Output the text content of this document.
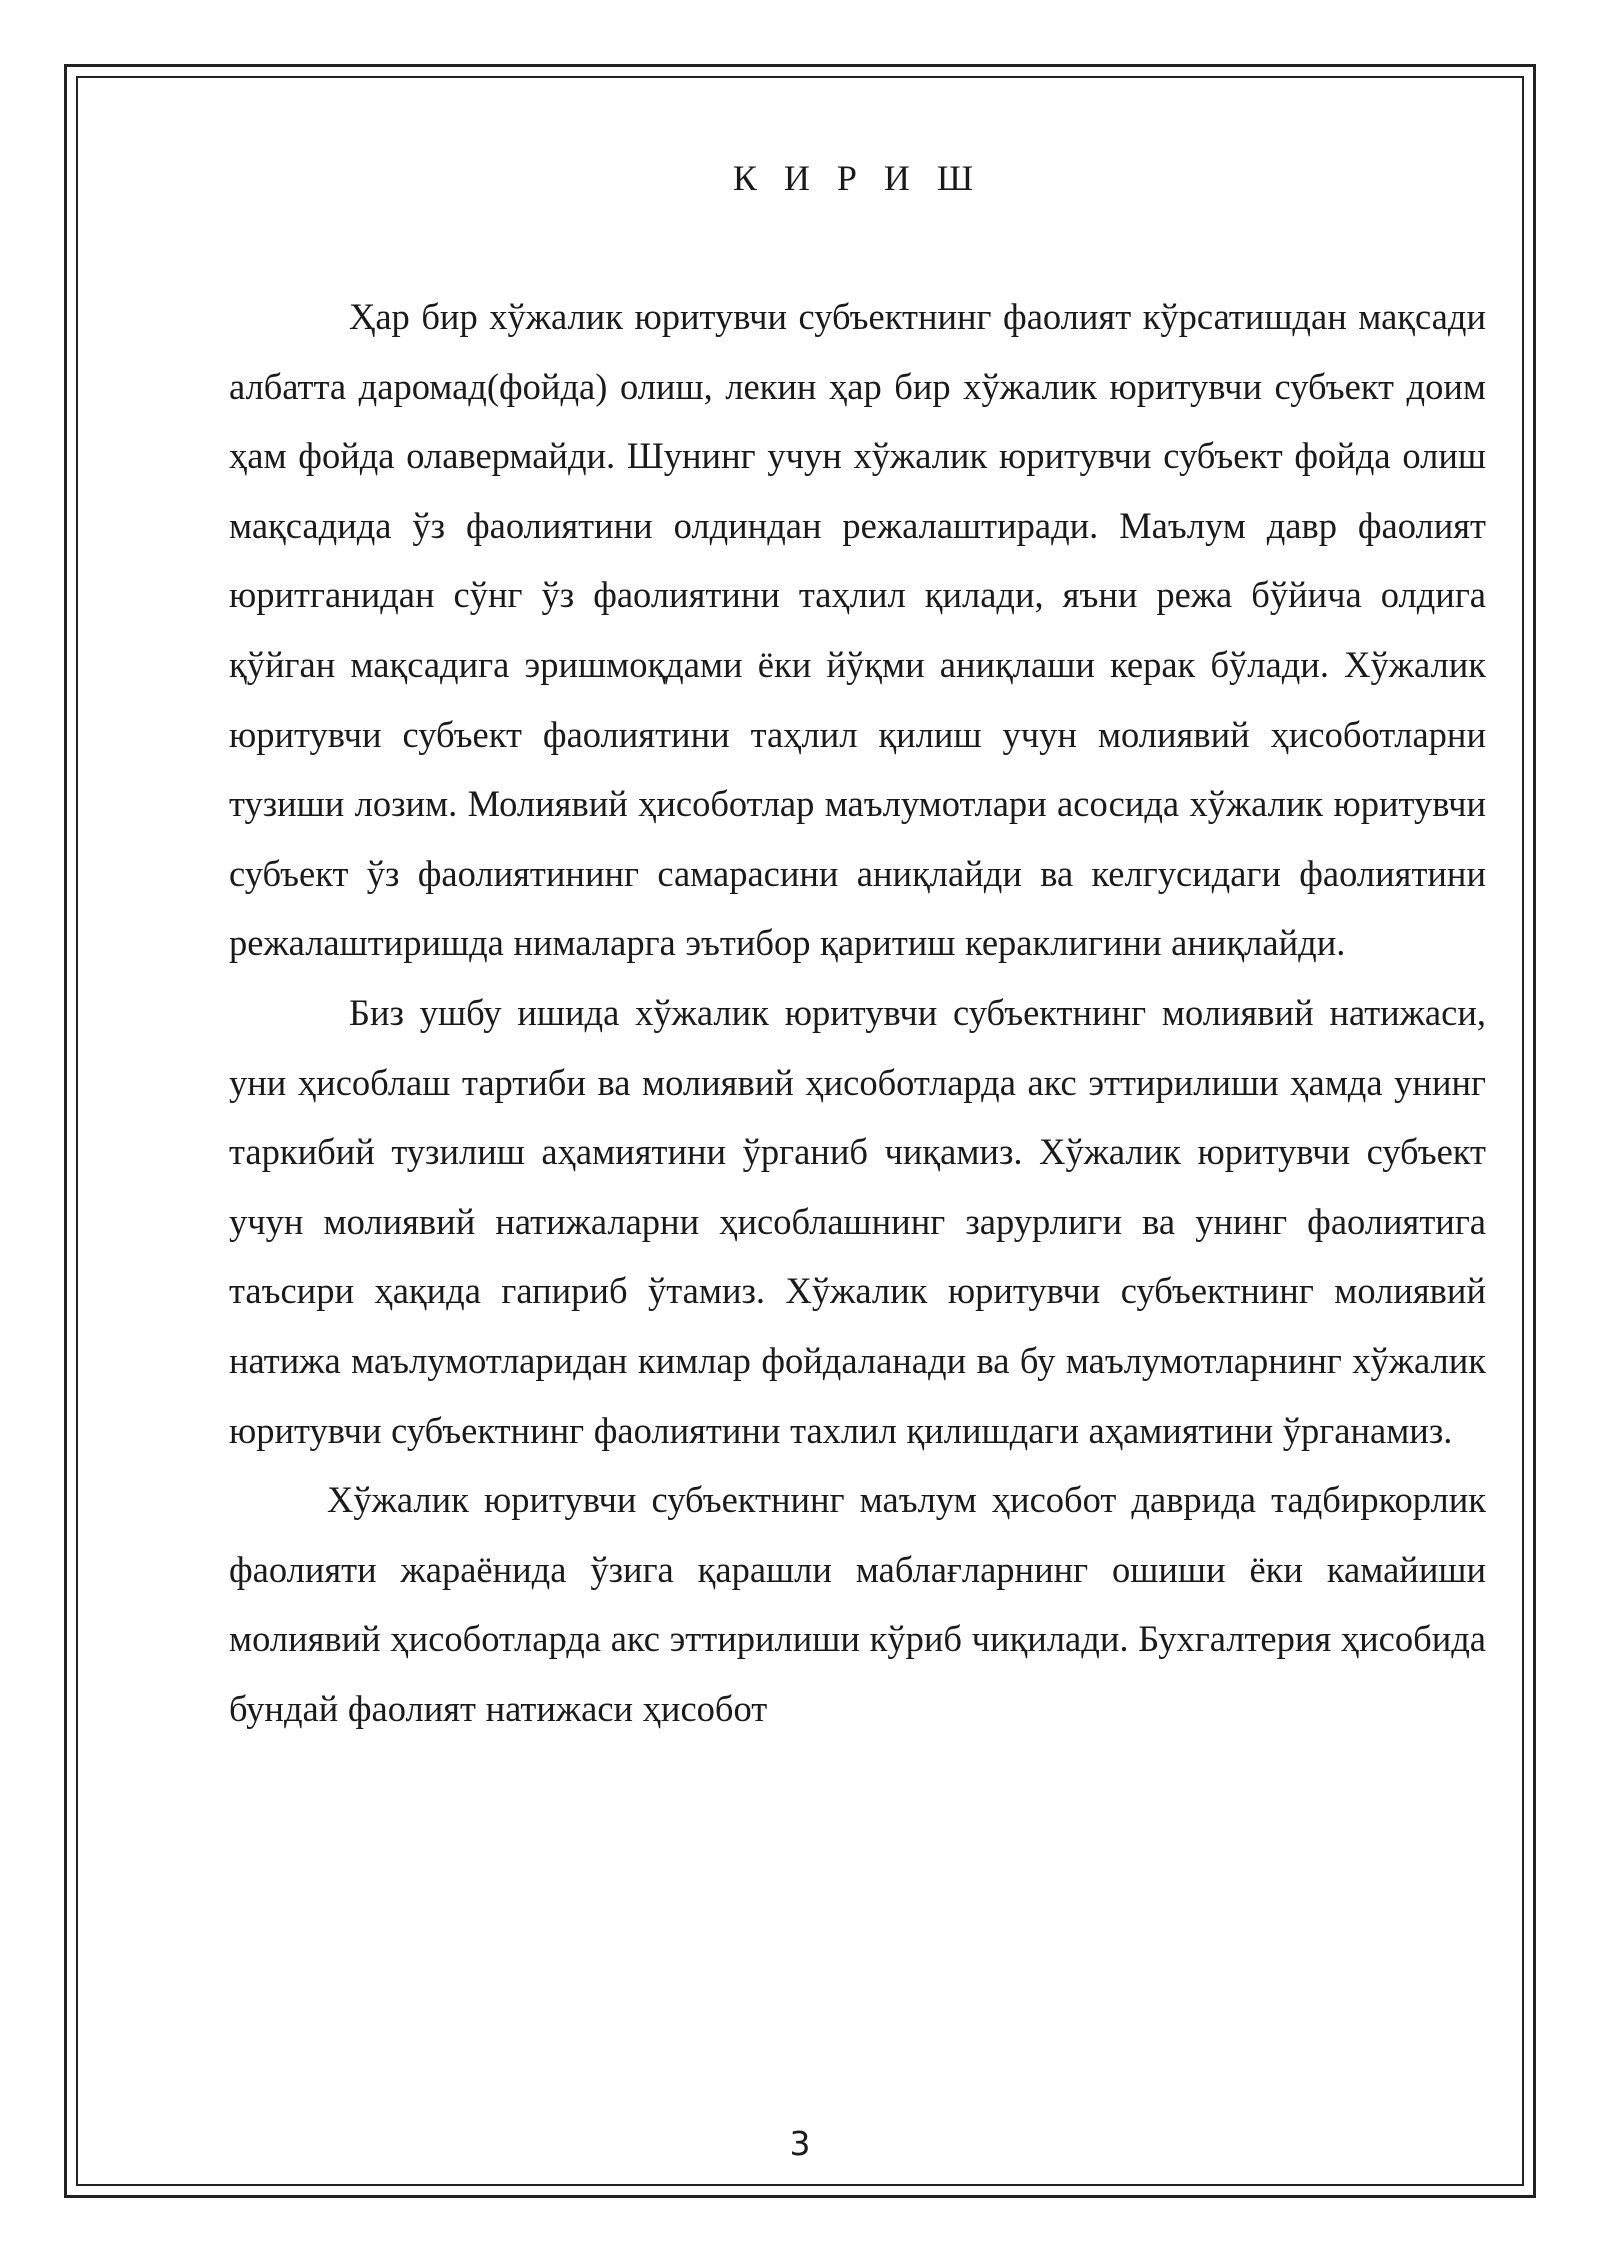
К И Р И Ш

Ҳар бир хўжалик юритувчи субъектнинг фаолият кўрсатишдан мақсади албатта даромад(фойда) олиш, лекин ҳар бир хўжалик юритувчи субъект доим ҳам фойда олавермайди. Шунинг учун хўжалик юритувчи субъект фойда олиш мақсадида ўз фаолиятини олдиндан режалаштиради. Маълум давр фаолият юритганидан сўнг ўз фаолиятини таҳлил қилади, яъни режа бўйича олдига қўйган мақсадига эришмоқдами ёки йўқми аниқлаши керак бўлади. Хўжалик юритувчи субъект фаолиятини таҳлил қилиш учун молиявий ҳисоботларни тузиши лозим. Молиявий ҳисоботлар маълумотлари асосида хўжалик юритувчи субъект ўз фаолиятининг самарасини аниқлайди ва келгусидаги фаолиятини режалаштиришда нималарга эътибор қаритиш кераклигини аниқлайди.

Биз ушбу ишида хўжалик юритувчи субъектнинг молиявий натижаси, уни ҳисоблаш тартиби ва молиявий ҳисоботларда акс эттирилиши ҳамда унинг таркибий тузилиш аҳамиятини ўрганиб чиқамиз. Хўжалик юритувчи субъект учун молиявий натижаларни ҳисоблашнинг зарурлиги ва унинг фаолиятига таъсири ҳақида гапириб ўтамиз. Хўжалик юритувчи субъектнинг молиявий натижа маълумотларидан кимлар фойдаланади ва бу маълумотларнинг хўжалик юритувчи субъектнинг фаолиятини тахлил қилишдаги аҳамиятини ўрганамиз.

Хўжалик юритувчи субъектнинг маълум ҳисобот даврида тадбиркорлик фаолияти жараёнида ўзига қарашли маблағларнинг ошиши ёки камайиши молиявий ҳисоботларда акс эттирилиши кўриб чиқилади. Бухгалтерия ҳисобида бундай фаолият натижаси ҳисобот

3
